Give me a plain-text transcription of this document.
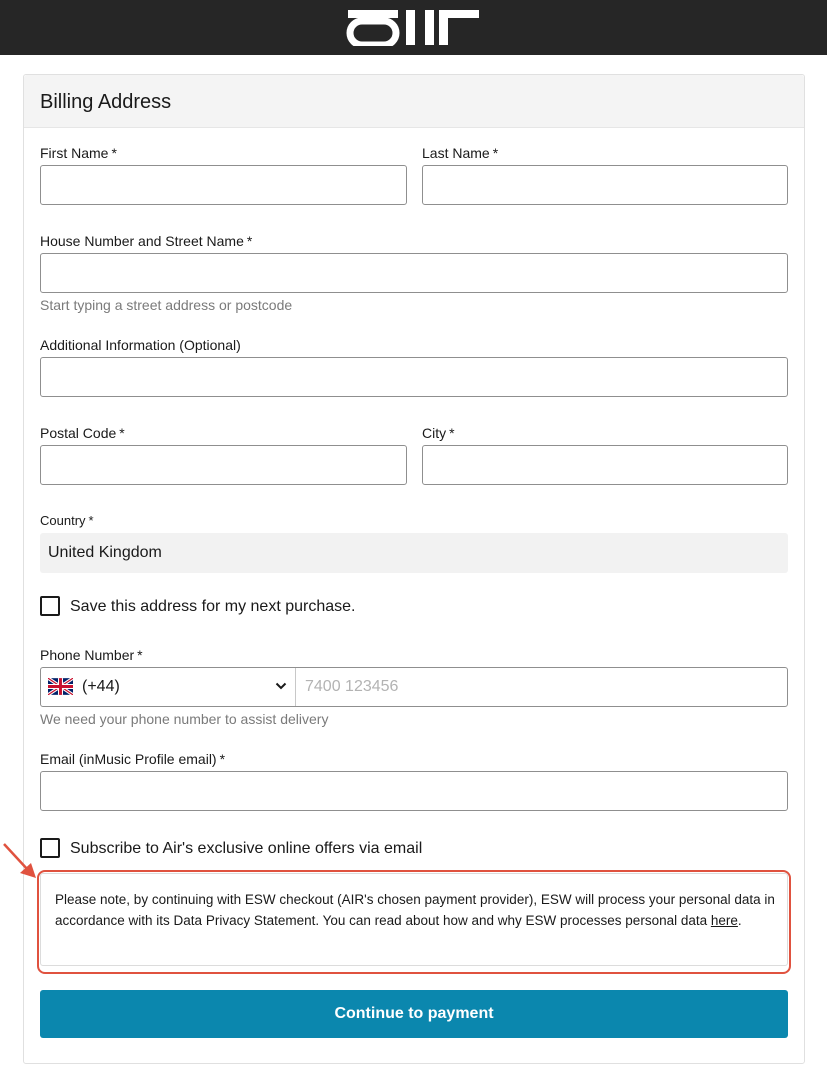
Billing Address
First Name *	Last Name *
House Number and Street Name *
Start typing a street address or postcode
Additional Information (Optional)
Postal Code *	City *
Country *
United Kingdom
Save this address for my next purchase.
Phone Number *
(+44)
7400 123456
We need your phone number to assist delivery
Email (inMusic Profile email) *
Subscribe to Air's exclusive online offers via email
Please note, by continuing with ESW checkout (AIR's chosen payment provider), ESW will process your personal data in accordance with its Data Privacy Statement. You can read about how and why ESW processes personal data here.
Continue to payment
